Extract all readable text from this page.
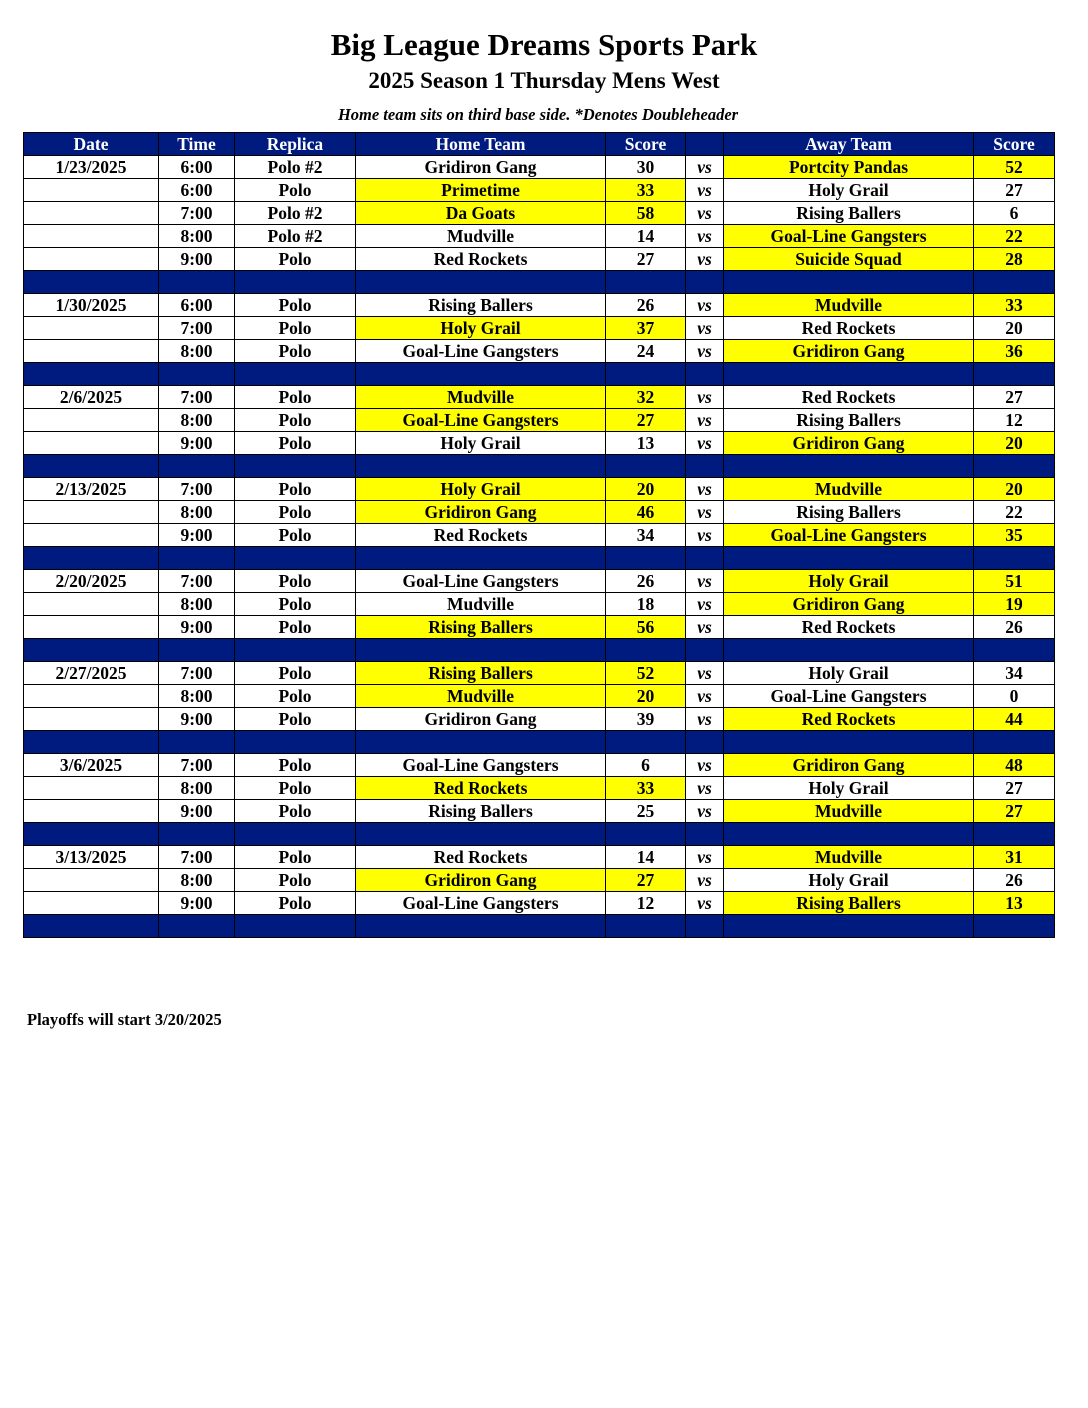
Big League Dreams Sports Park
2025 Season 1 Thursday Mens West

Home team sits on third base side. *Denotes Doubleheader

Date	Time	Replica	Home Team	Score		Away Team	Score
1/23/2025	6:00	Polo #2	Gridiron Gang	30	vs	Portcity Pandas	52
	6:00	Polo	Primetime	33	vs	Holy Grail	27
	7:00	Polo #2	Da Goats	58	vs	Rising Ballers	6
	8:00	Polo #2	Mudville	14	vs	Goal-Line Gangsters	22
	9:00	Polo	Red Rockets	27	vs	Suicide Squad	28

1/30/2025	6:00	Polo	Rising Ballers	26	vs	Mudville	33
	7:00	Polo	Holy Grail	37	vs	Red Rockets	20
	8:00	Polo	Goal-Line Gangsters	24	vs	Gridiron Gang	36

2/6/2025	7:00	Polo	Mudville	32	vs	Red Rockets	27
	8:00	Polo	Goal-Line Gangsters	27	vs	Rising Ballers	12
	9:00	Polo	Holy Grail	13	vs	Gridiron Gang	20

2/13/2025	7:00	Polo	Holy Grail	20	vs	Mudville	20
	8:00	Polo	Gridiron Gang	46	vs	Rising Ballers	22
	9:00	Polo	Red Rockets	34	vs	Goal-Line Gangsters	35

2/20/2025	7:00	Polo	Goal-Line Gangsters	26	vs	Holy Grail	51
	8:00	Polo	Mudville	18	vs	Gridiron Gang	19
	9:00	Polo	Rising Ballers	56	vs	Red Rockets	26

2/27/2025	7:00	Polo	Rising Ballers	52	vs	Holy Grail	34
	8:00	Polo	Mudville	20	vs	Goal-Line Gangsters	0
	9:00	Polo	Gridiron Gang	39	vs	Red Rockets	44

3/6/2025	7:00	Polo	Goal-Line Gangsters	6	vs	Gridiron Gang	48
	8:00	Polo	Red Rockets	33	vs	Holy Grail	27
	9:00	Polo	Rising Ballers	25	vs	Mudville	27

3/13/2025	7:00	Polo	Red Rockets	14	vs	Mudville	31
	8:00	Polo	Gridiron Gang	27	vs	Holy Grail	26
	9:00	Polo	Goal-Line Gangsters	12	vs	Rising Ballers	13

Playoffs will start 3/20/2025
